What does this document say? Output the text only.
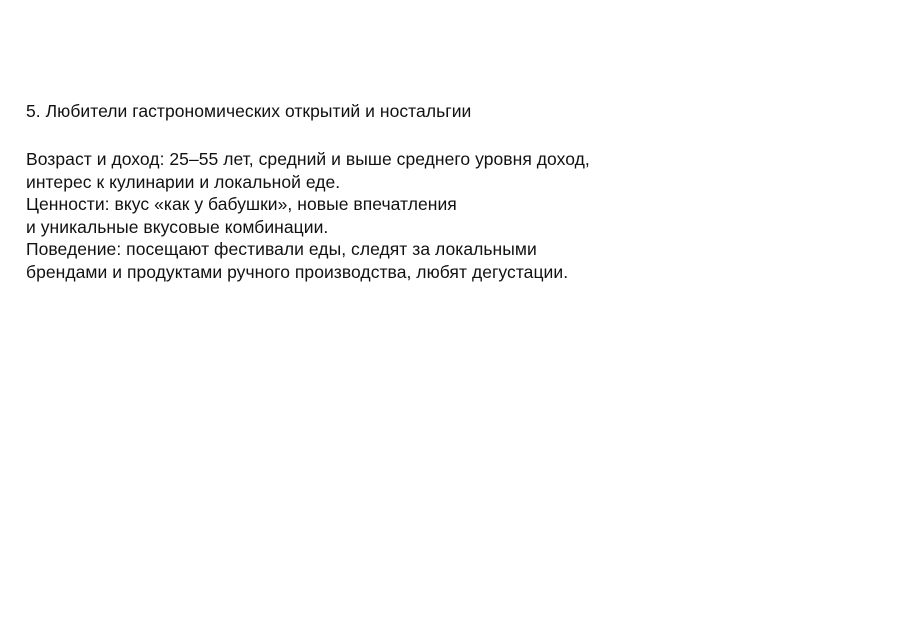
5. Любители гастрономических открытий и ностальгии

Возраст и доход: 25–55 лет, средний и выше среднего уровня доход,
интерес к кулинарии и локальной еде.

Ценности: вкус «как у бабушки», новые впечатления
и уникальные вкусовые комбинации.

Поведение: посещают фестивали еды, следят за локальными
брендами и продуктами ручного производства, любят дегустации.
